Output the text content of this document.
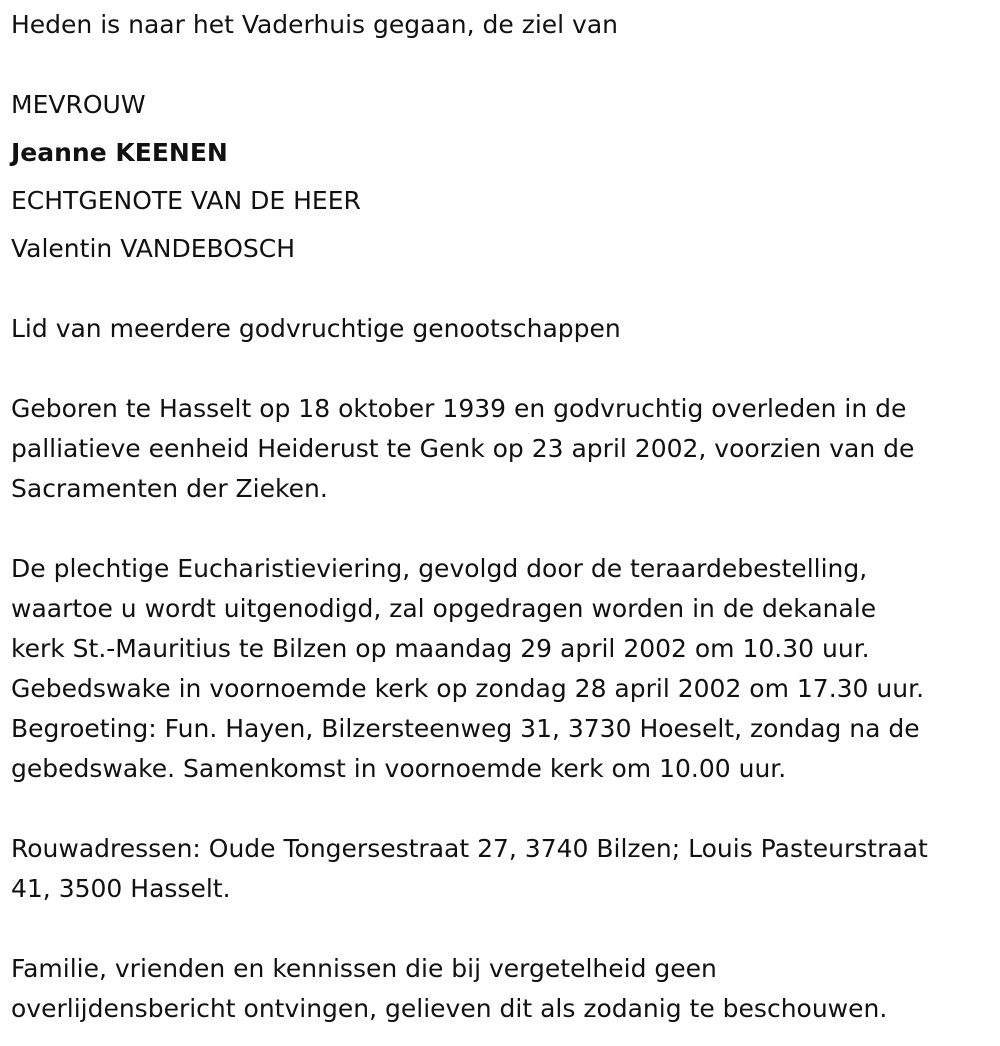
Heden is naar het Vaderhuis gegaan, de ziel van
MEVROUW
Jeanne KEENEN
ECHTGENOTE VAN DE HEER
Valentin VANDEBOSCH
Lid van meerdere godvruchtige genootschappen
Geboren te Hasselt op 18 oktober 1939 en godvruchtig overleden in de
palliatieve eenheid Heiderust te Genk op 23 april 2002, voorzien van de
Sacramenten der Zieken.
De plechtige Eucharistieviering, gevolgd door de teraardebestelling,
waartoe u wordt uitgenodigd, zal opgedragen worden in de dekanale
kerk St.-Mauritius te Bilzen op maandag 29 april 2002 om 10.30 uur.
Gebedswake in voornoemde kerk op zondag 28 april 2002 om 17.30 uur.
Begroeting: Fun. Hayen, Bilzersteenweg 31, 3730 Hoeselt, zondag na de
gebedswake. Samenkomst in voornoemde kerk om 10.00 uur.
Rouwadressen: Oude Tongersestraat 27, 3740 Bilzen; Louis Pasteurstraat
41, 3500 Hasselt.
Familie, vrienden en kennissen die bij vergetelheid geen
overlijdensbericht ontvingen, gelieven dit als zodanig te beschouwen.
